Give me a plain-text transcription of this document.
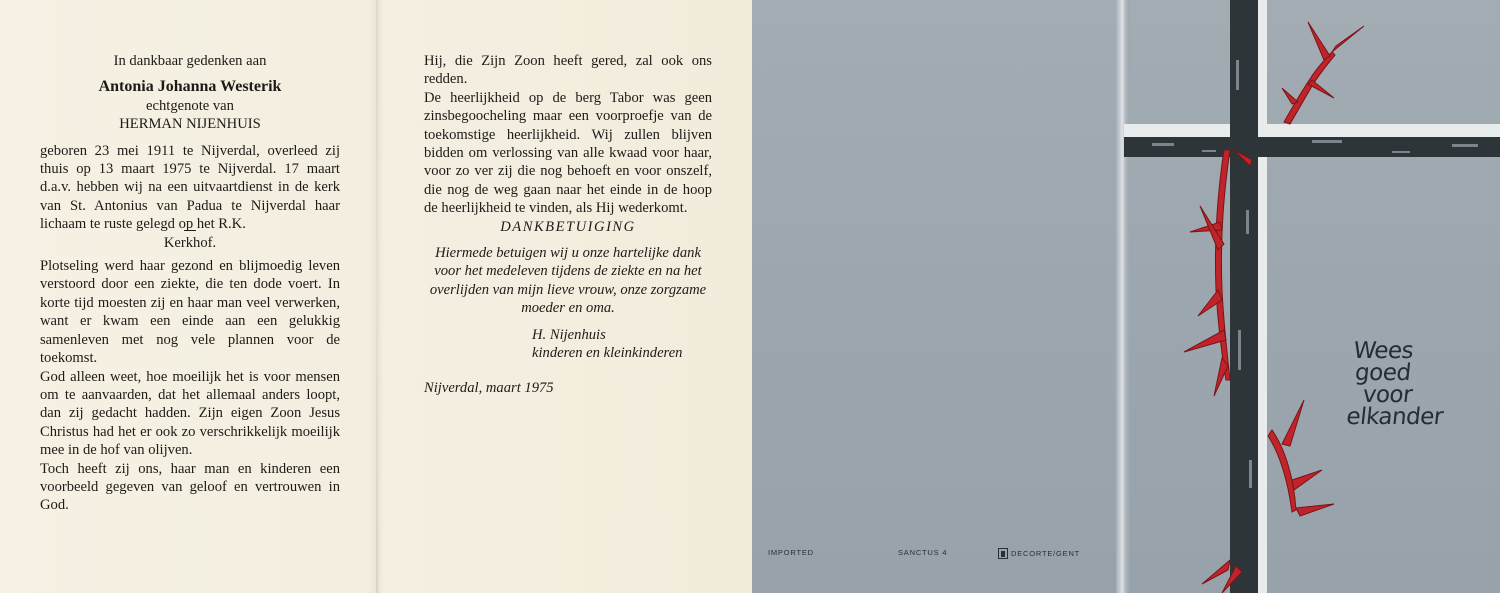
In dankbaar gedenken aan

Antonia Johanna Westerik

echtgenote van

HERMAN NIJENHUIS

geboren 23 mei 1911 te Nijverdal, overleed zij thuis op 13 maart 1975 te Nijverdal. 17 maart d.a.v. hebben wij na een uitvaartdienst in de kerk van St. Antonius van Padua te Nijverdal haar lichaam te ruste gelegd op het R.K.

Kerkhof.

Plotseling werd haar gezond en blijmoedig leven verstoord door een ziekte, die ten dode voert. In korte tijd moesten zij en haar man veel verwerken, want er kwam een einde aan een gelukkig samenleven met nog vele plannen voor de toekomst.

God alleen weet, hoe moeilijk het is voor mensen om te aanvaarden, dat het allemaal anders loopt, dan zij gedacht hadden. Zijn eigen Zoon Jesus Christus had het er ook zo verschrikkelijk moeilijk mee in de hof van olijven.

Toch heeft zij ons, haar man en kinderen een voorbeeld gegeven van geloof en vertrouwen in God.

Hij, die Zijn Zoon heeft gered, zal ook ons redden.

De heerlijkheid op de berg Tabor was geen zinsbegoocheling maar een voorproefje van de toekomstige heerlijkheid. Wij zullen blijven bidden om verlossing van alle kwaad voor haar, voor zo ver zij die nog behoeft en voor onszelf, die nog de weg gaan naar het einde in de hoop de heerlijkheid te vinden, als Hij wederkomt.

DANKBETUIGING

Hiermede betuigen wij u onze hartelijke dank voor het medeleven tijdens de ziekte en na het overlijden van mijn lieve vrouw, onze zorgzame moeder en oma.

H. Nijenhuis

kinderen en kleinkinderen

Nijverdal, maart 1975

IMPORTED	SANCTUS 4	DECORTE/GENT
Wees
goed
voor
elkander
